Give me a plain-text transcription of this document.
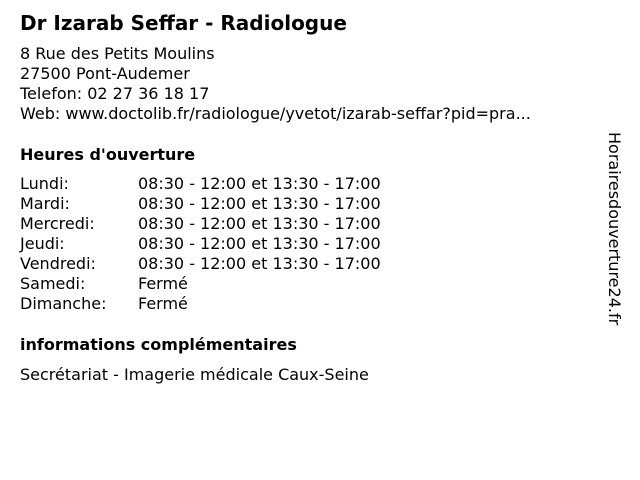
Dr Izarab Seffar - Radiologue
8 Rue des Petits Moulins
27500 Pont-Audemer
Telefon: 02 27 36 18 17
Web: www.doctolib.fr/radiologue/yvetot/izarab-seffar?pid=pra...
Heures d'ouverture
Lundi:	08:30 - 12:00 et 13:30 - 17:00
Mardi:	08:30 - 12:00 et 13:30 - 17:00
Mercredi:	08:30 - 12:00 et 13:30 - 17:00
Jeudi:	08:30 - 12:00 et 13:30 - 17:00
Vendredi:	08:30 - 12:00 et 13:30 - 17:00
Samedi:	Fermé
Dimanche:	Fermé
informations complémentaires
Secrétariat - Imagerie médicale Caux-Seine
Horairesdouverture24.fr
